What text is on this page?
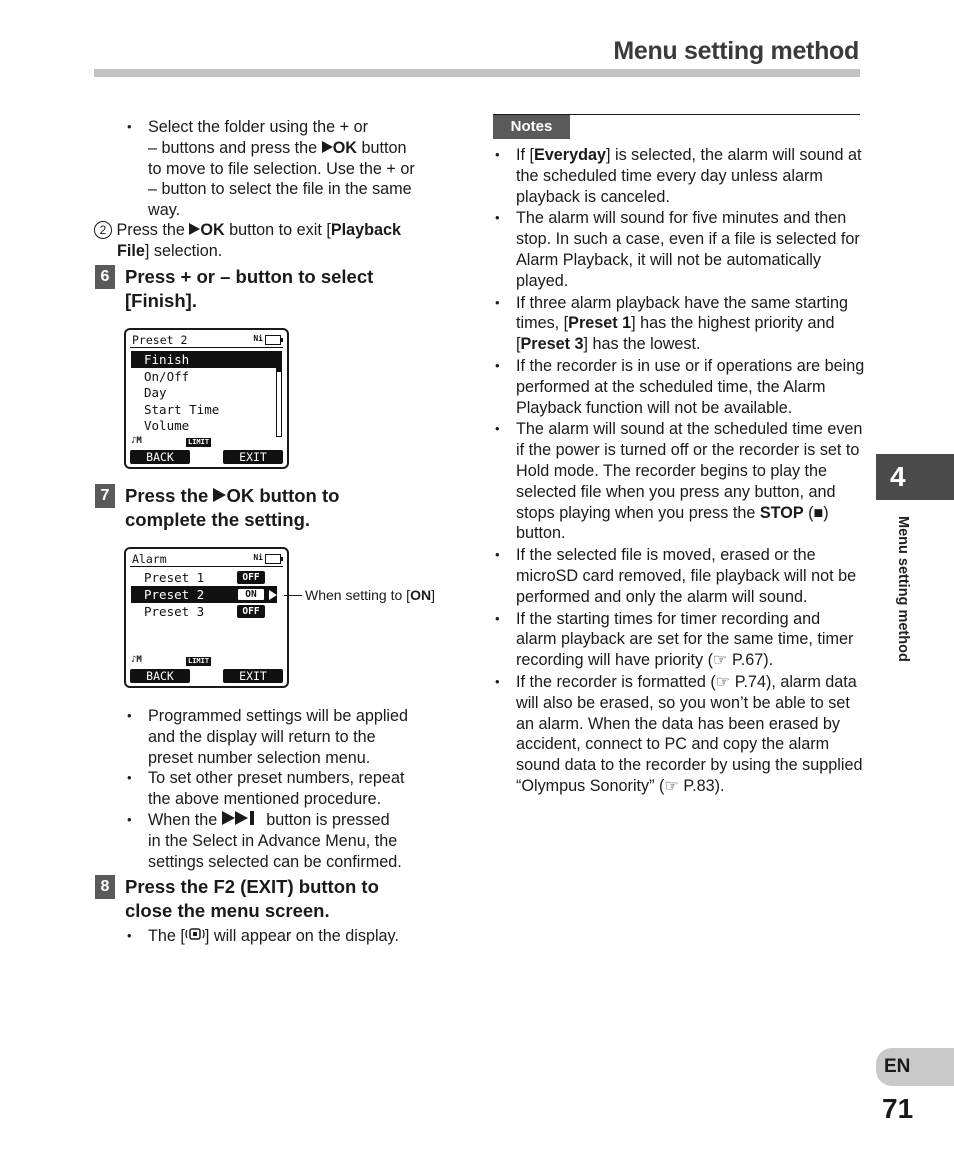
Menu setting method
• Select the folder using the + or
– buttons and press the OK button
to move to file selection. Use the + or
– button to select the file in the same
way.
2 Press the OK button to exit [Playback
File] selection.
6 Press + or – button to select
[Finish].
Preset 2	Ni
Finish
On/Off
Day
Start Time
Volume
♪M	LIMIT
BACK	EXIT
7 Press the OK button to
complete the setting.
Alarm	Ni
Preset 1	OFF
Preset 2	ON
Preset 3	OFF
♪M	LIMIT
BACK	EXIT
When setting to [ON]
• Programmed settings will be applied
and the display will return to the
preset number selection menu.
• To set other preset numbers, repeat
the above mentioned procedure.
• When the  button is pressed
in the Select in Advance Menu, the
settings selected can be confirmed.
8 Press the F2 (EXIT) button to
close the menu screen.
• The [ ] will appear on the display.
Notes
• If [Everyday] is selected, the alarm will sound at the scheduled time every day unless alarm playback is canceled.
• The alarm will sound for five minutes and then stop. In such a case, even if a file is selected for Alarm Playback, it will not be automatically played.
• If three alarm playback have the same starting times, [Preset 1] has the highest priority and [Preset 3] has the lowest.
• If the recorder is in use or if operations are being performed at the scheduled time, the Alarm Playback function will not be available.
• The alarm will sound at the scheduled time even if the power is turned off or the recorder is set to Hold mode. The recorder begins to play the selected file when you press any button, and stops playing when you press the STOP (■) button.
• If the selected file is moved, erased or the microSD card removed, file playback will not be performed and only the alarm will sound.
• If the starting times for timer recording and alarm playback are set for the same time, timer recording will have priority (☞ P.67).
• If the recorder is formatted (☞ P.74), alarm data will also be erased, so you won’t be able to set an alarm. When the data has been erased by accident, connect to PC and copy the alarm sound data to the recorder by using the supplied “Olympus Sonority” (☞ P.83).
4
Menu setting method
EN
71
